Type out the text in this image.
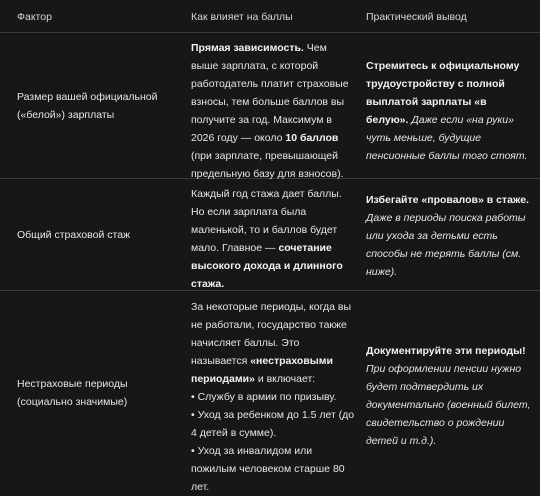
Фактор	Как влияет на баллы	Практический вывод

Размер вашей официальной

(«белой») зарплаты

Прямая зависимость. Чем выше зарплата, с которой работодатель платит страховые взносы, тем больше баллов вы получите за год. Максимум в 2026 году — около 10 баллов (при зарплате, превышающей предельную базу для взносов).
Стремитесь к официальному трудоустройству с полной выплатой зарплаты «в белую». Даже если «на руки» чуть меньше, будущие пенсионные баллы того стоят.

Общий страховой стаж

Каждый год стажа дает баллы. Но если зарплата была маленькой, то и баллов будет мало. Главное — сочетание высокого дохода и длинного стажа.
Избегайте «провалов» в стаже. Даже в периоды поиска работы или ухода за детьми есть способы не терять баллы (см. ниже).

Нестраховые периоды

(социально значимые)

За некоторые периоды, когда вы не работали, государство также начисляет баллы. Это называется «нестраховыми периодами» и включает:

• Службу в армии по призыву.

• Уход за ребенком до 1.5 лет (до 4 детей в сумме).

• Уход за инвалидом или пожилым человеком старше 80 лет.

Документируйте эти периоды! При оформлении пенсии нужно будет подтвердить их документально (военный билет, свидетельство о рождении детей и т.д.).
